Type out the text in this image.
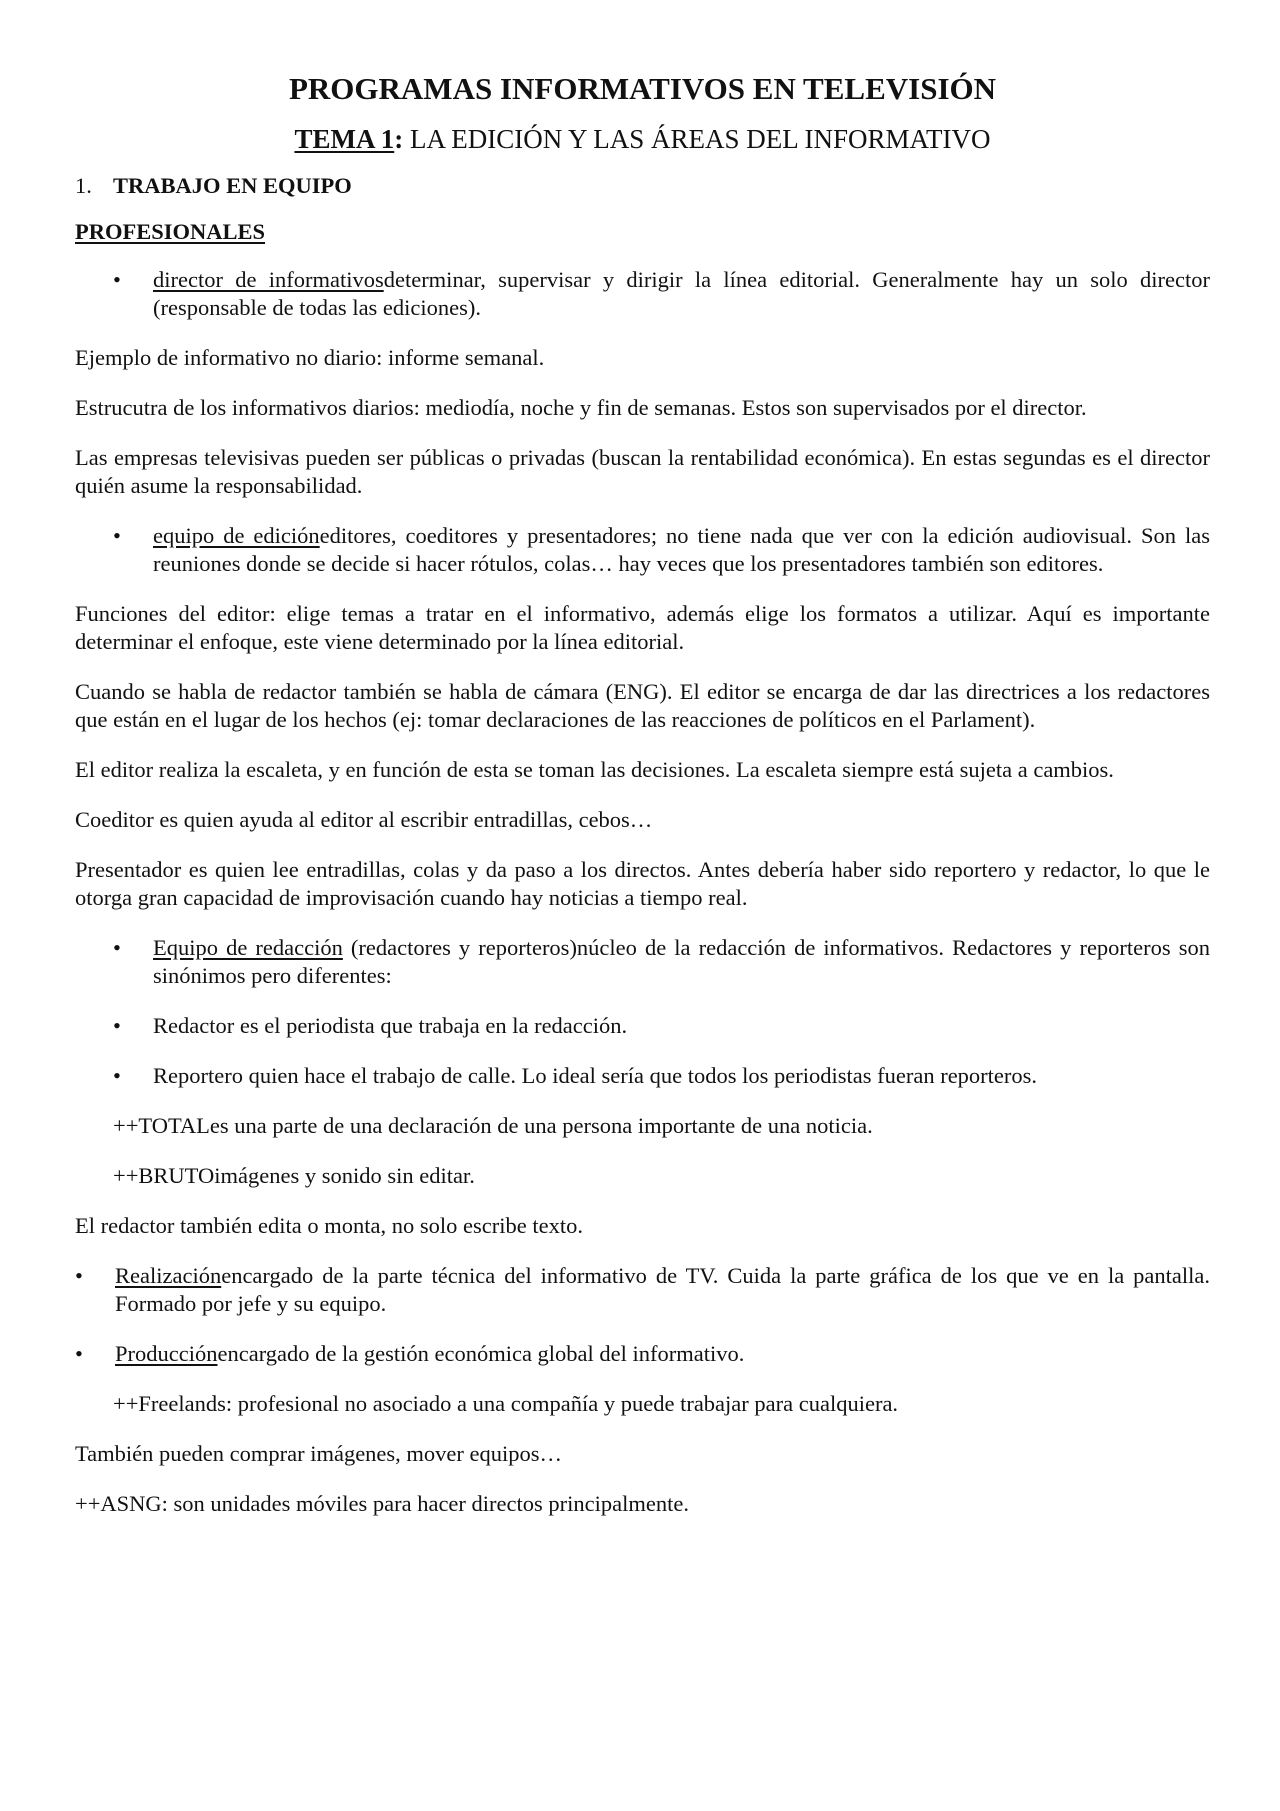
PROGRAMAS INFORMATIVOS EN TELEVISIÓN
TEMA 1: LA EDICIÓN Y LAS ÁREAS DEL INFORMATIVO
1. TRABAJO EN EQUIPO
PROFESIONALES
•	director de informativosdeterminar, supervisar y dirigir la línea editorial. Generalmente hay un solo director (responsable de todas las ediciones).

Ejemplo de informativo no diario: informe semanal.

Estrucutra de los informativos diarios: mediodía, noche y fin de semanas. Estos son supervisados por el director.

Las empresas televisivas pueden ser públicas o privadas (buscan la rentabilidad económica). En estas segundas es el director quién asume la responsabilidad.

•	equipo de edicióneditores, coeditores y presentadores; no tiene nada que ver con la edición audiovisual. Son las reuniones donde se decide si hacer rótulos, colas… hay veces que los presentadores también son editores.

Funciones del editor: elige temas a tratar en el informativo, además elige los formatos a utilizar. Aquí es importante determinar el enfoque, este viene determinado por la línea editorial.

Cuando se habla de redactor también se habla de cámara (ENG). El editor se encarga de dar las directrices a los redactores que están en el lugar de los hechos (ej: tomar declaraciones de las reacciones de políticos en el Parlament).

El editor realiza la escaleta, y en función de esta se toman las decisiones. La escaleta siempre está sujeta a cambios.

Coeditor es quien ayuda al editor al escribir entradillas, cebos…

Presentador es quien lee entradillas, colas y da paso a los directos. Antes debería haber sido reportero y redactor, lo que le otorga gran capacidad de improvisación cuando hay noticias a tiempo real.

•	Equipo de redacción (redactores y reporteros)núcleo de la redacción de informativos. Redactores y reporteros son sinónimos pero diferentes:
•	Redactor es el periodista que trabaja en la redacción.
•	Reportero quien hace el trabajo de calle. Lo ideal sería que todos los periodistas fueran reporteros.
++TOTALes una parte de una declaración de una persona importante de una noticia.
++BRUTOimágenes y sonido sin editar.

El redactor también edita o monta, no solo escribe texto.

•	Realizaciónencargado de la parte técnica del informativo de TV. Cuida la parte gráfica de los que ve en la pantalla. Formado por jefe y su equipo.
•	Producciónencargado de la gestión económica global del informativo.
++Freelands: profesional no asociado a una compañía y puede trabajar para cualquiera.

También pueden comprar imágenes, mover equipos…

++ASNG: son unidades móviles para hacer directos principalmente.
